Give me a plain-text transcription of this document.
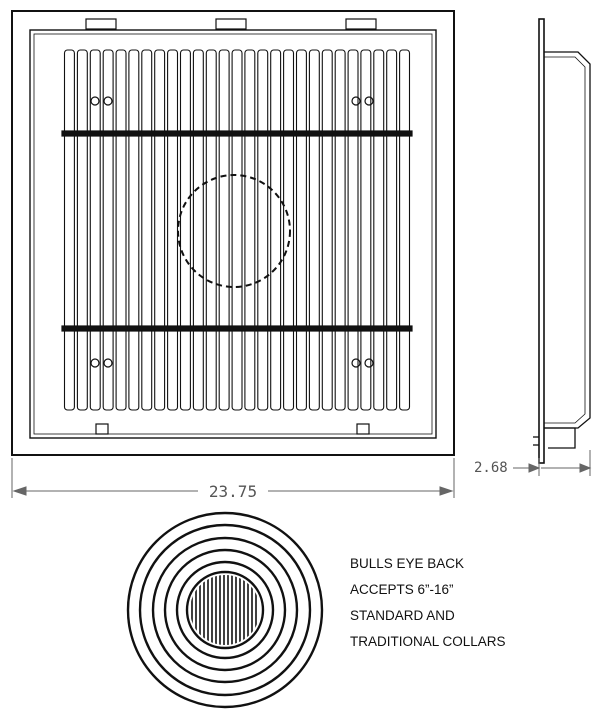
23.75
2.68
BULLS EYE BACK
ACCEPTS 6”-16”
STANDARD AND
TRADITIONAL COLLARS
